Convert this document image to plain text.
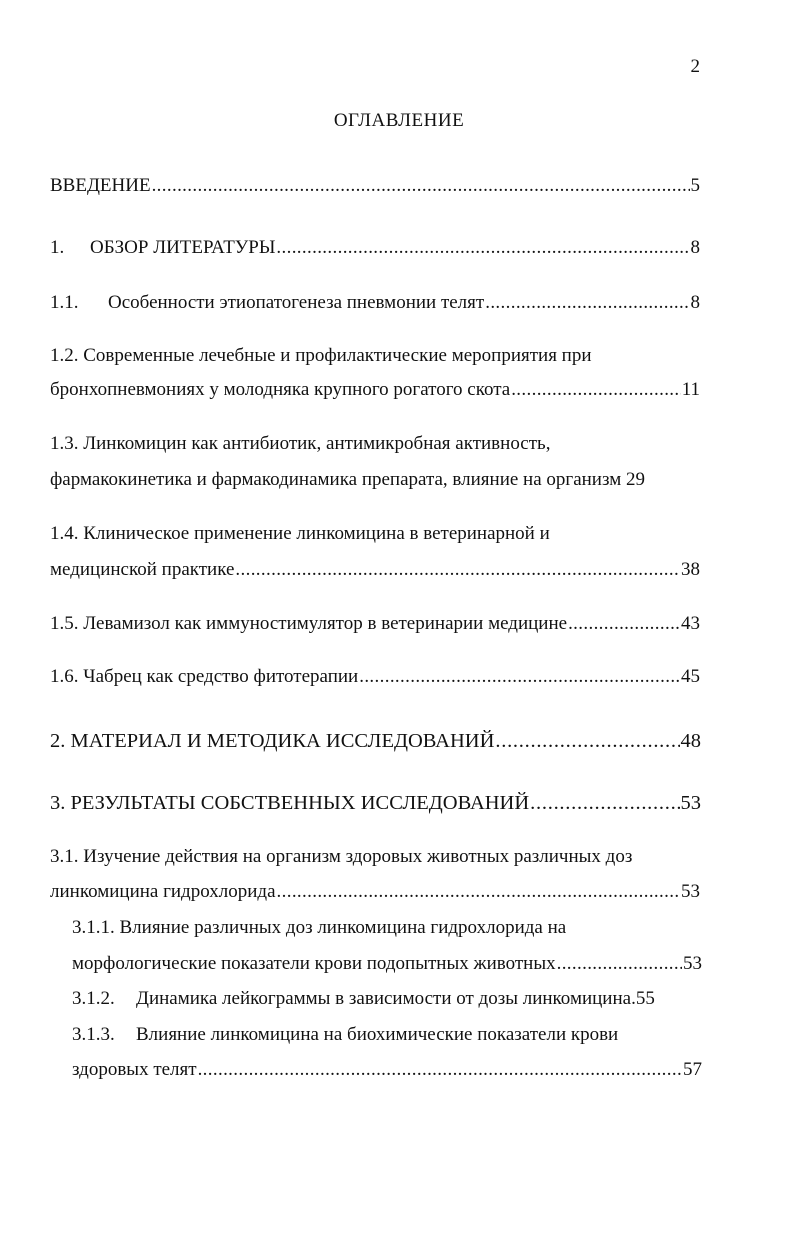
2
ОГЛАВЛЕНИЕ
ВВЕДЕНИЕ . . .	5
1.	ОБЗОР ЛИТЕРАТУРЫ . . .	8
1.1.	Особенности этиопатогенеза пневмонии телят . . .	8
1.2. Современные лечебные и профилактические мероприятия при
бронхопневмониях у молодняка крупного рогатого скота . . .	11
1.3. Линкомицин как антибиотик, антимикробная активность,
фармакокинетика и фармакодинамика препарата, влияние на организм 29
1.4. Клиническое применение линкомицина в ветеринарной и
медицинской практике . . .	38
1.5. Левамизол как иммуностимулятор в ветеринарии медицине . . .	43
1.6. Чабрец как средство фитотерапии . . .	45
2. МАТЕРИАЛ И МЕТОДИКА ИССЛЕДОВАНИЙ . . .	48
3. РЕЗУЛЬТАТЫ СОБСТВЕННЫХ ИССЛЕДОВАНИЙ . . .	53
3.1. Изучение действия на организм здоровых животных различных доз
линкомицина гидрохлорида . . .	53
3.1.1. Влияние различных доз линкомицина гидрохлорида на
морфологические показатели крови подопытных животных . . .	53
3.1.2. Динамика лейкограммы в зависимости от дозы линкомицина.55
3.1.3. Влияние линкомицина на биохимические показатели крови
здоровых телят . . .	57
